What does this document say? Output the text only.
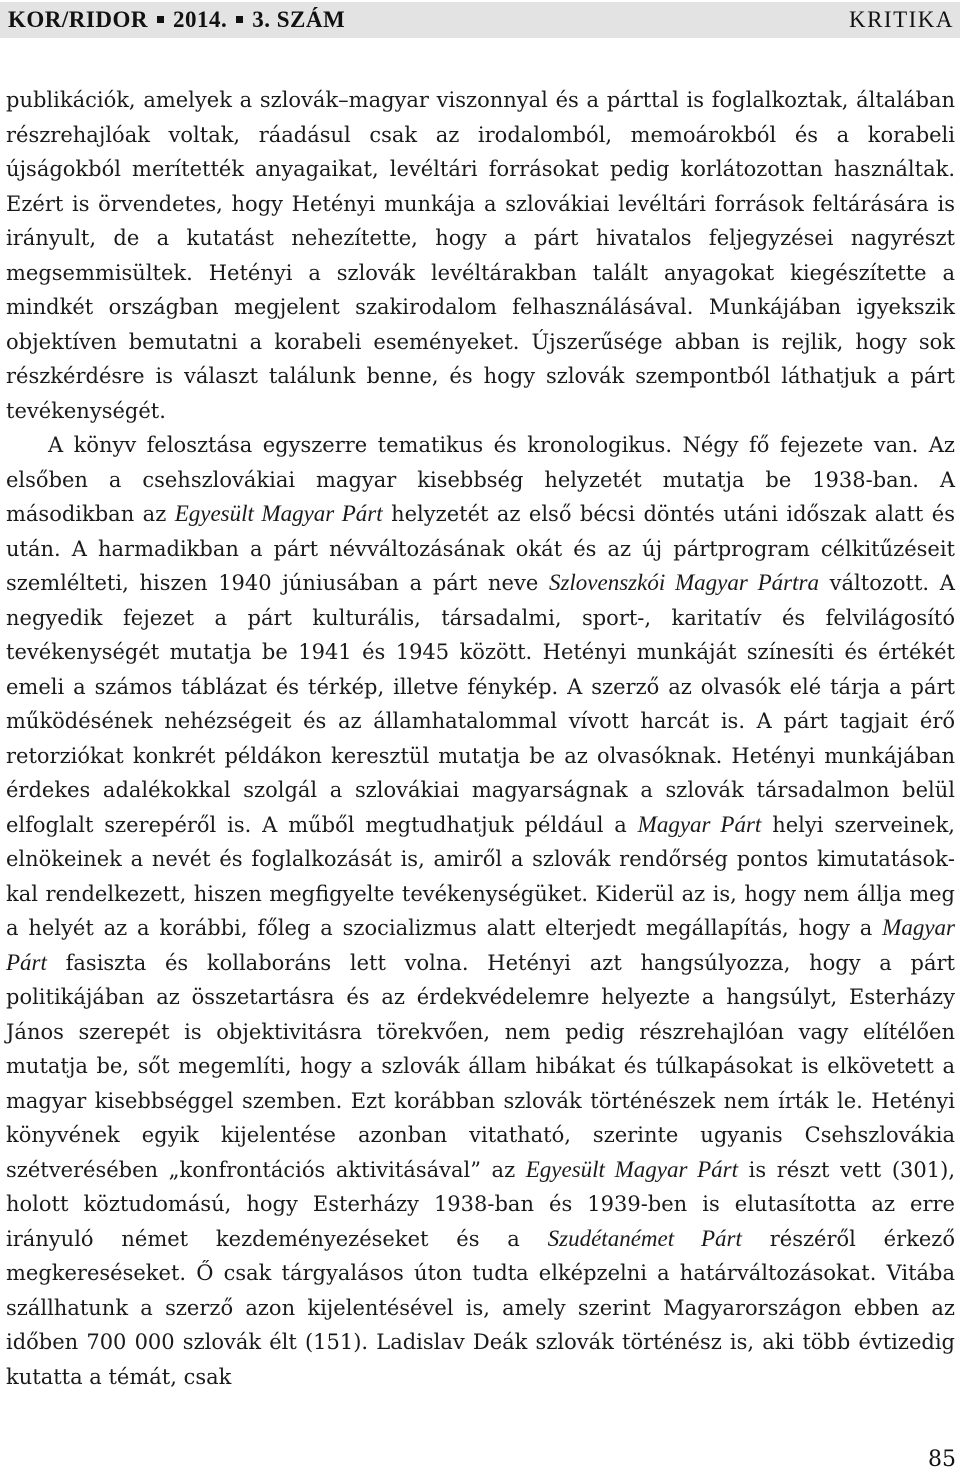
KOR/RIDOR 2014. 3. SZÁM	KRITIKA

publikációk, amelyek a szlovák–magyar viszonnyal és a párttal is foglalkoztak, általában részrehajlóak voltak, ráadásul csak az irodalomból, memoárokból és a korabeli újságokból merítették anyagaikat, levéltári forrásokat pedig korlátozottan használtak. Ezért is örvendetes, hogy Hetényi munkája a szlovákiai levéltári források feltárására is irányult, de a kutatást nehezítette, hogy a párt hivatalos feljegyzései nagyrészt megsemmisültek. Hetényi a szlovák levéltárakban talált anyagokat kiegészítette a mindkét országban megjelent szakirodalom felhasználásával. Munkájában igyekszik objektíven bemutatni a korabeli eseményeket. Újszerűsége abban is rejlik, hogy sok részkérdésre is választ találunk benne, és hogy szlovák szempontból láthatjuk a párt tevékenységét.

A könyv felosztása egyszerre tematikus és kronologikus. Négy fő fejezete van. Az elsőben a csehszlovákiai magyar kisebbség helyzetét mutatja be 1938-ban. A másodikban az Egyesült Magyar Párt helyzetét az első bécsi döntés utáni időszak alatt és után. A harmadikban a párt névváltozásának okát és az új pártprogram célkitűzéseit szemlélteti, hiszen 1940 júniusában a párt neve Szlovenszkói Magyar Pártra változott. A negyedik fejezet a párt kulturális, társadalmi, sport-, karitatív és felvilágosító tevékenységét mutatja be 1941 és 1945 között. Hetényi munkáját színesíti és értékét emeli a számos táblázat és térkép, illetve fénykép. A szerző az olvasók elé tárja a párt működésének nehézségeit és az államhatalommal vívott harcát is. A párt tagjait érő retorziókat konkrét példákon keresztül mutatja be az olvasóknak. Hetényi munkájában érdekes adalékokkal szolgál a szlovákiai magyarságnak a szlovák társadalmon belül elfoglalt szerepéről is. A műből megtudhatjuk például a Magyar Párt helyi szerveinek, elnökeinek a nevét és foglalkozását is, amiről a szlovák rendőrség pontos kimutatásokkal rendelkezett, hiszen megfigyelte tevékenységüket. Kiderül az is, hogy nem állja meg a helyét az a korábbi, főleg a szocializmus alatt elterjedt megállapítás, hogy a Magyar Párt fasiszta és kollaboráns lett volna. Hetényi azt hangsúlyozza, hogy a párt politikájában az összetartásra és az érdekvédelemre helyezte a hangsúlyt, Esterházy János szerepét is objektivitásra törekvően, nem pedig részrehajlóan vagy elítélően mutatja be, sőt megemlíti, hogy a szlovák állam hibákat és túlkapásokat is elkövetett a magyar kisebbséggel szemben. Ezt korábban szlovák történészek nem írták le. Hetényi könyvének egyik kijelentése azonban vitatható, szerinte ugyanis Csehszlovákia szétverésében „konfrontációs aktivitásával” az Egyesült Magyar Párt is részt vett (301), holott köztudomású, hogy Esterházy 1938-ban és 1939-ben is elutasította az erre irányuló német kezdeményezéseket és a Szudétanémet Párt részéről érkező megkereséseket. Ő csak tárgyalásos úton tudta elképzelni a határváltozásokat. Vitába szállhatunk a szerző azon kijelentésével is, amely szerint Magyarországon ebben az időben 700 000 szlovák élt (151). Ladislav Deák szlovák történész is, aki több évtizedig kutatta a témát, csak

85
